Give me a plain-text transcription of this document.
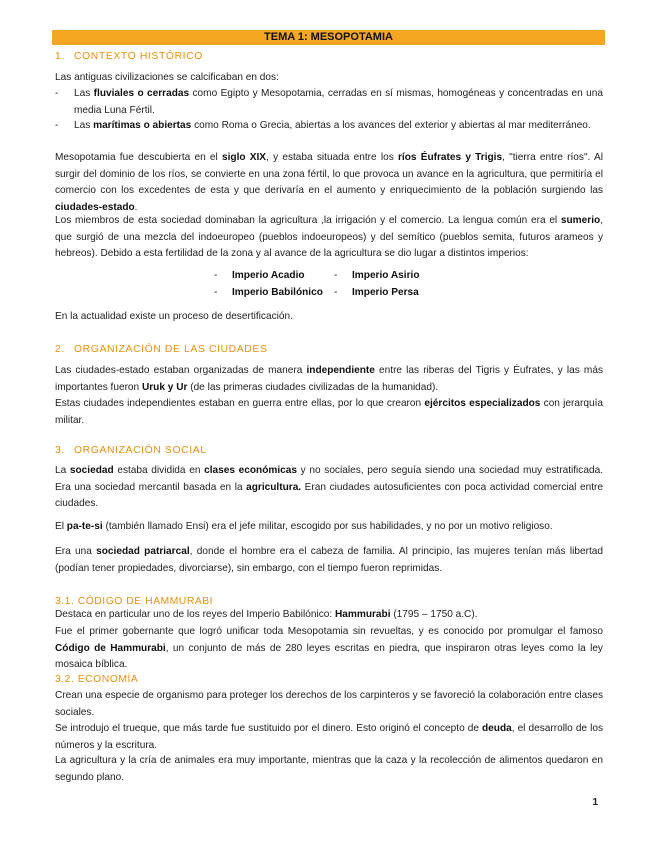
TEMA 1: MESOPOTAMIA
1. CONTEXTO HISTÓRICO
Las antiguas civilizaciones se calcificaban en dos:
- Las fluviales o cerradas como Egipto y Mesopotamia, cerradas en sí mismas, homogéneas y concentradas en una media Luna Fértil.
- Las marítimas o abiertas como Roma o Grecia, abiertas a los avances del exterior y abiertas al mar mediterráneo.
Mesopotamia fue descubierta en el siglo XIX, y estaba situada entre los ríos Éufrates y Trigis, "tierra entre ríos". Al surgir del dominio de los ríos, se convierte en una zona fértil, lo que provoca un avance en la agricultura, que permitiría el comercio con los excedentes de esta y que derivaría en el aumento y enriquecimiento de la población surgiendo las ciudades-estado.
Los miembros de esta sociedad dominaban la agricultura ,la irrigación y el comercio. La lengua común era el sumerio, que surgió de una mezcla del indoeuropeo (pueblos indoeuropeos) y del semítico (pueblos semita, futuros arameos y hebreos). Debido a esta fertilidad de la zona y al avance de la agricultura se dio lugar a distintos imperios:
- Imperio Acadio	- Imperio Asirio
- Imperio Babilónico - Imperio Persa
En la actualidad existe un proceso de desertificación.
2. ORGANIZACIÓN DE LAS CIUDADES
Las ciudades-estado estaban organizadas de manera independiente entre las riberas del Tigris y Éufrates, y las más importantes fueron Uruk y Ur (de las primeras ciudades civilizadas de la humanidad).
Estas ciudades independientes estaban en guerra entre ellas, por lo que crearon ejércitos especializados con jerarquía militar.
3. ORGANIZACIÓN SOCIAL
La sociedad estaba dividida en clases económicas y no sociales, pero seguía siendo una sociedad muy estratificada. Era una sociedad mercantil basada en la agricultura. Eran ciudades autosuficientes con poca actividad comercial entre ciudades.
El pa-te-si (también llamado Ensi) era el jefe militar, escogido por sus habilidades, y no por un motivo religioso.
Era una sociedad patriarcal, donde el hombre era el cabeza de familia. Al principio, las mujeres tenían más libertad (podían tener propiedades, divorciarse), sin embargo, con el tiempo fueron reprimidas.
3.1. CÓDIGO DE HAMMURABI
Destaca en particular uno de los reyes del Imperio Babilónico: Hammurabi (1795 – 1750 a.C).
Fue el primer gobernante que logró unificar toda Mesopotamia sin revueltas, y es conocido por promulgar el famoso Código de Hammurabi, un conjunto de más de 280 leyes escritas en piedra, que inspiraron otras leyes como la ley mosaica bíblica.
3.2. ECONOMÍA
Crean una especie de organismo para proteger los derechos de los carpinteros y se favoreció la colaboración entre clases sociales.
Se introdujo el trueque, que más tarde fue sustituido por el dinero. Esto originó el concepto de deuda, el desarrollo de los números y la escritura.
La agricultura y la cría de animales era muy importante, mientras que la caza y la recolección de alimentos quedaron en segundo plano.
1
